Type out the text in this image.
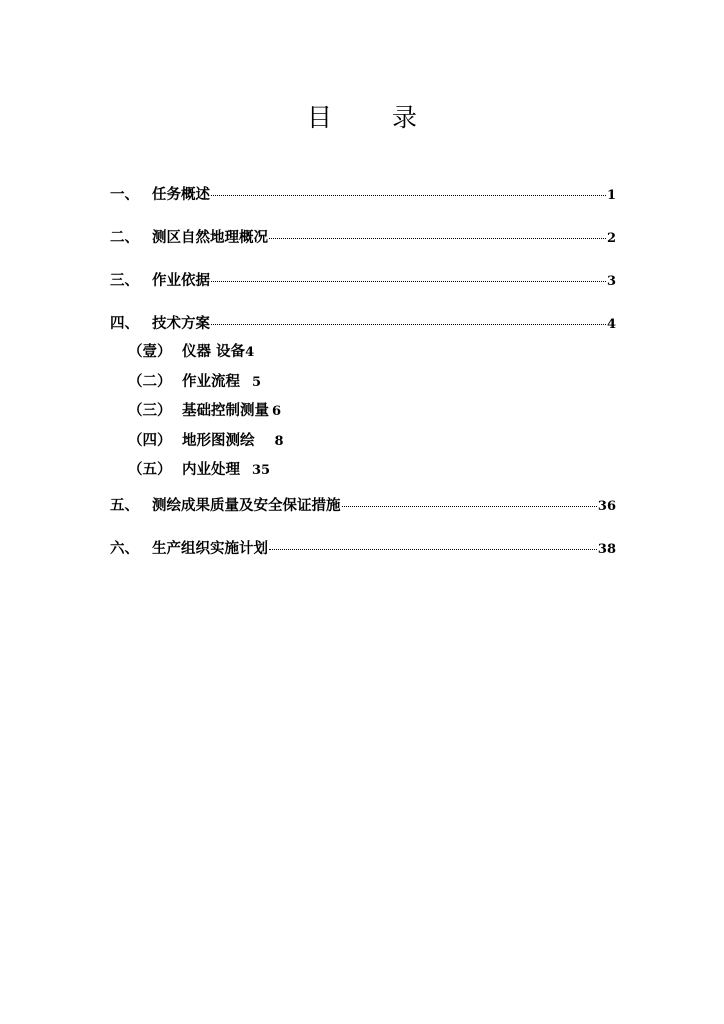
目 录
一、 任务概述	1
二、 测区自然地理概况	2
三、 作业依据	3
四、 技术方案	4
（壹） 仪器 设备 4
（二） 作业流程 5
（三） 基础控制测量 6
（四） 地形图测绘 8
（五） 内业处理 35
五、 测绘成果质量及安全保证措施	36
六、 生产组织实施计划	38
